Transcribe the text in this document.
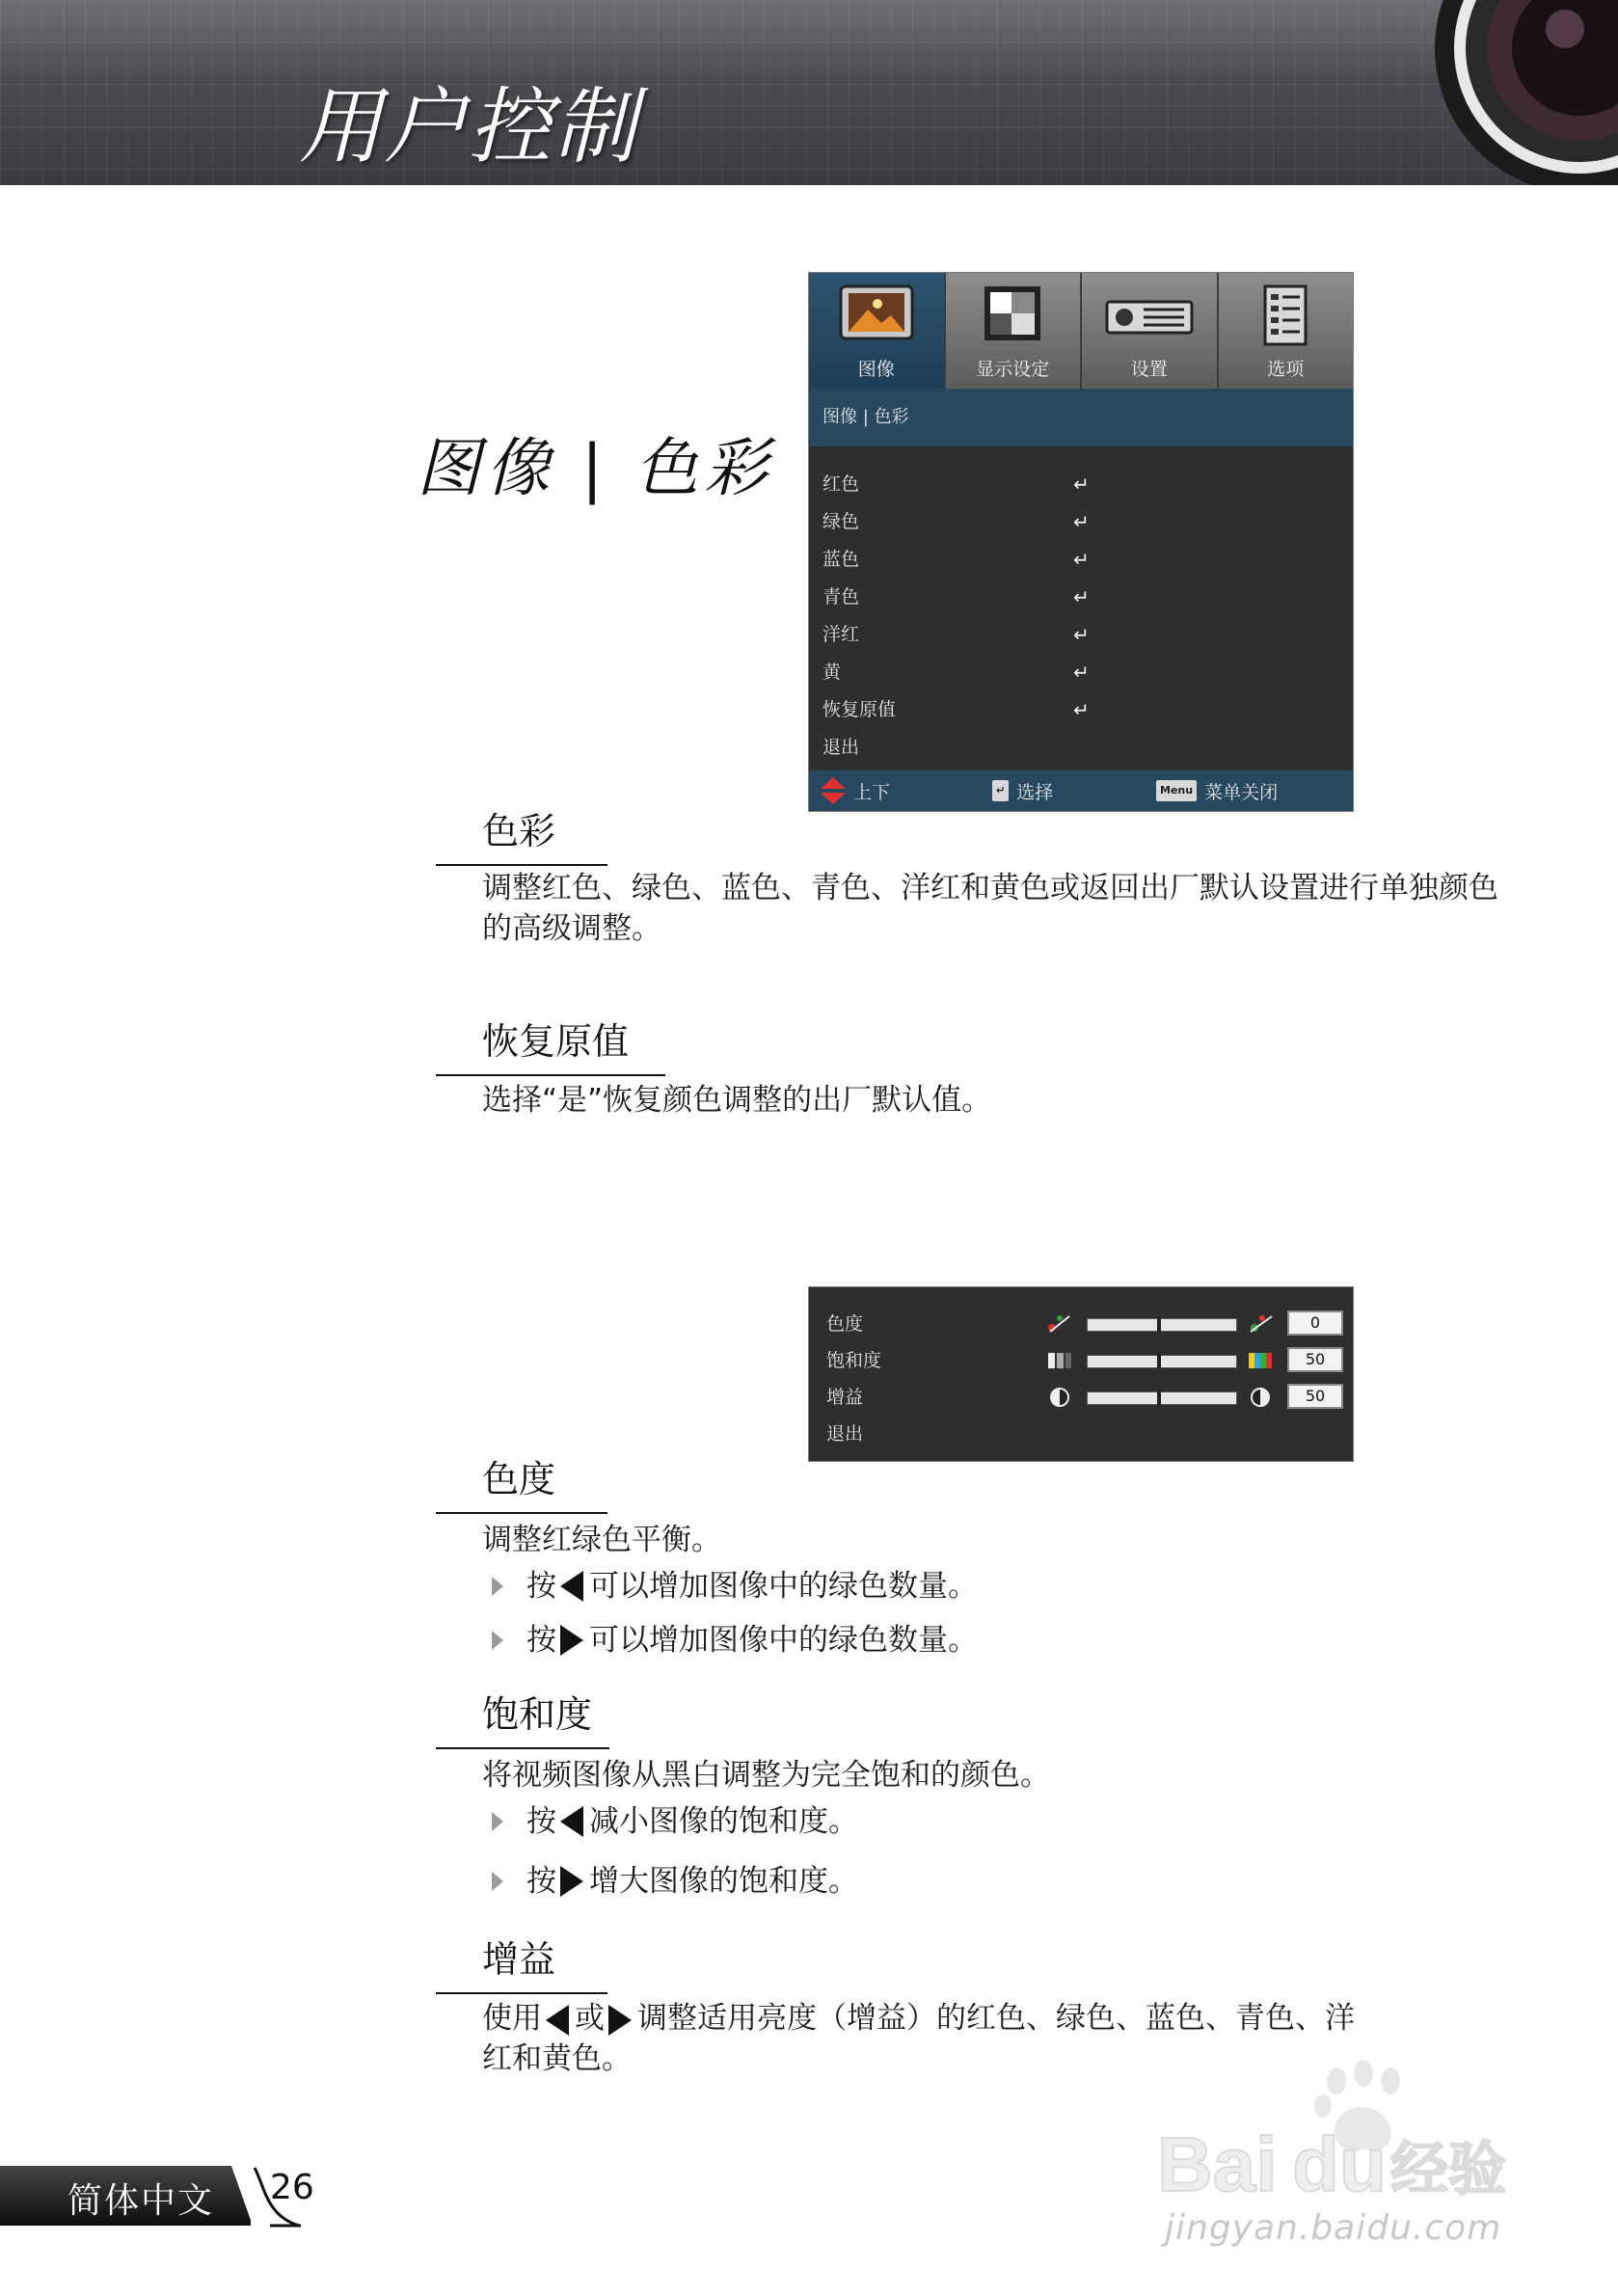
用户控制
图像 | 色彩
图像	显示设定	设置	选项
图像 | 色彩
红色	↵
绿色	↵
蓝色	↵
青色	↵
洋红	↵
黄	↵
恢复原值	↵
退出
上下	↵ 选择	Menu 菜单关闭
色彩
调整红色、绿色、蓝色、青色、洋红和黄色或返回出厂默认设置进行单独颜色的高级调整。
恢复原值
选择“是”恢复颜色调整的出厂默认值。
色度	0
饱和度	50
增益	50
退出
色度
调整红绿色平衡。
按 可以增加图像中的绿色数量。
按 可以增加图像中的绿色数量。
饱和度
将视频图像从黑白调整为完全饱和的颜色。
按 减小图像的饱和度。
按 增大图像的饱和度。
增益
使用 或 调整适用亮度（增益）的红色、绿色、蓝色、青色、洋
红和黄色。
简体中文 26	Bai du 经验
jingyan.baidu.com
